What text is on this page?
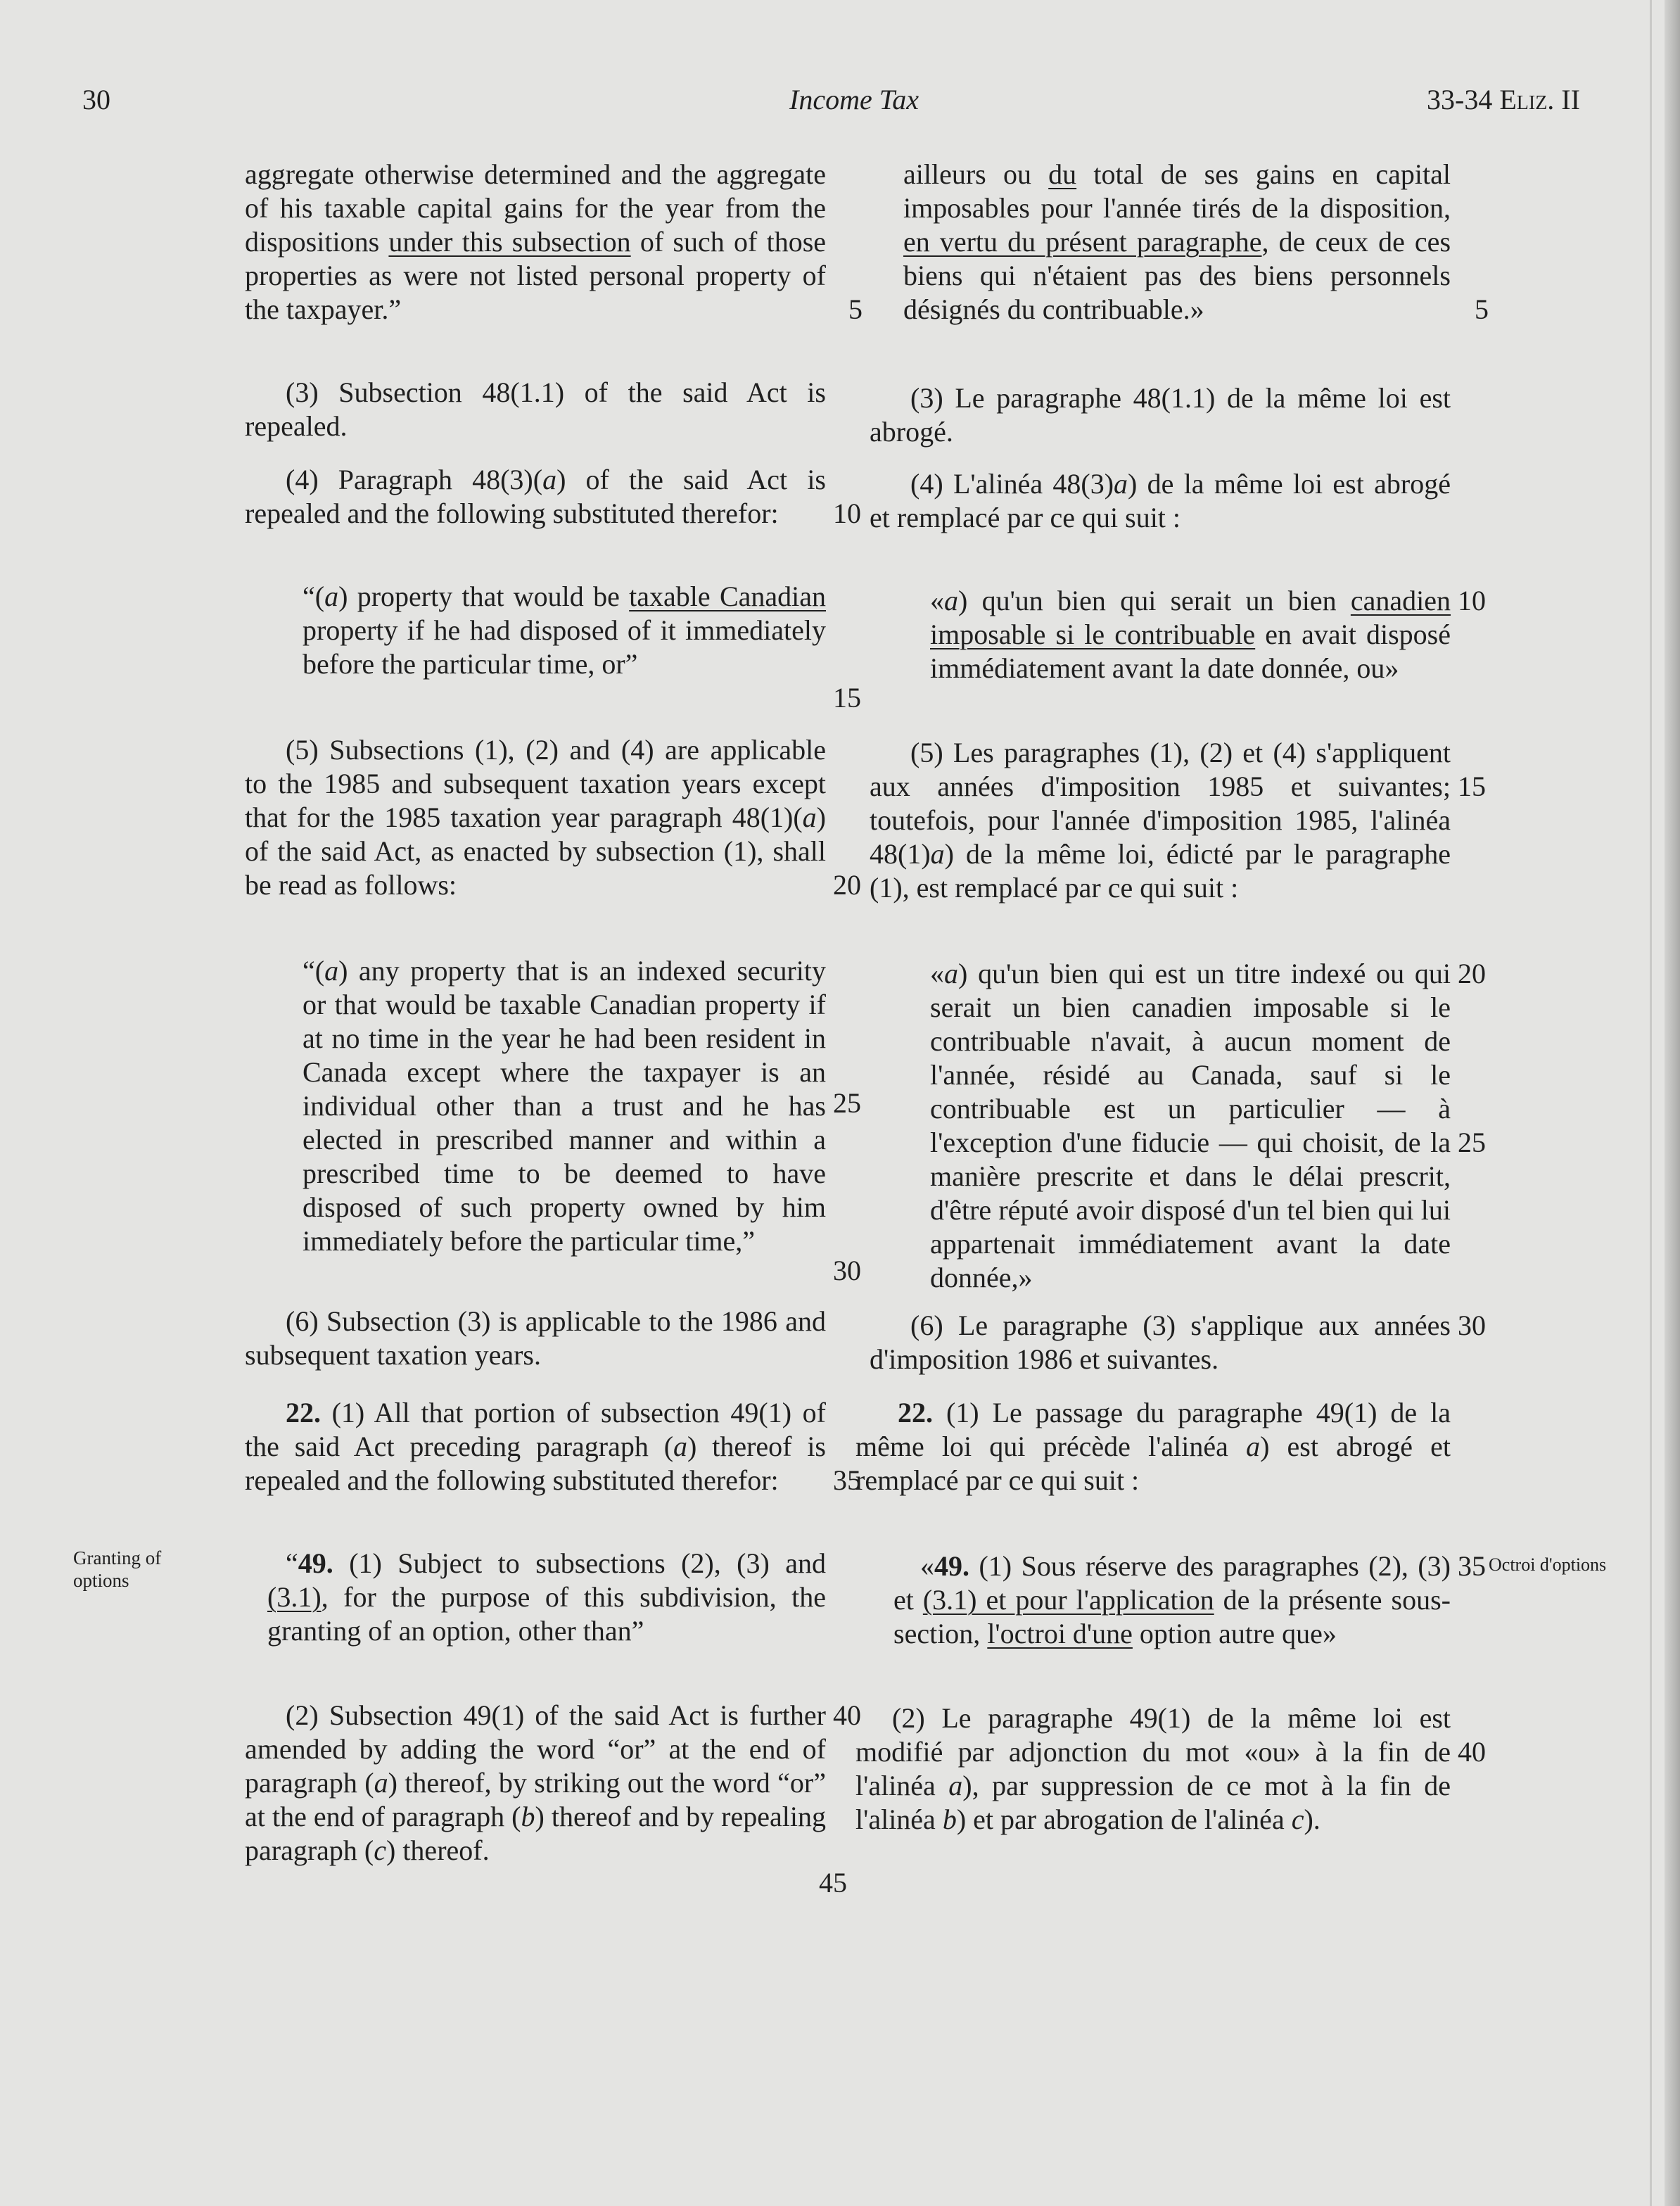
30	Income Tax	33-34 Eliz. II

aggregate otherwise determined and the aggregate of his taxable capital gains for the year from the dispositions under this subsection of such of those properties as were not listed personal property of the taxpayer.”

(3) Subsection 48(1.1) of the said Act is repealed.

(4) Paragraph 48(3)(a) of the said Act is repealed and the following substituted therefor:

“(a) property that would be taxable Canadian property if he had disposed of it immediately before the particular time, or”

(5) Subsections (1), (2) and (4) are applicable to the 1985 and subsequent taxation years except that for the 1985 taxation year paragraph 48(1)(a) of the said Act, as enacted by subsection (1), shall be read as follows:

“(a) any property that is an indexed security or that would be taxable Canadian property if at no time in the year he had been resident in Canada except where the taxpayer is an individual other than a trust and he has elected in prescribed manner and within a prescribed time to be deemed to have disposed of such property owned by him immediately before the particular time,”

(6) Subsection (3) is applicable to the 1986 and subsequent taxation years.

22. (1) All that portion of subsection 49(1) of the said Act preceding paragraph (a) thereof is repealed and the following substituted therefor:

“49. (1) Subject to subsections (2), (3) and (3.1), for the purpose of this subdivision, the granting of an option, other than”

(2) Subsection 49(1) of the said Act is further amended by adding the word “or” at the end of paragraph (a) thereof, by striking out the word “or” at the end of paragraph (b) thereof and by repealing paragraph (c) thereof.

Granting of options
5
10
15
20
25
30
35
40
45

ailleurs ou du total de ses gains en capital imposables pour l'année tirés de la disposition, en vertu du présent paragraphe, de ceux de ces biens qui n'étaient pas des biens personnels désignés du contribuable.»

(3) Le paragraphe 48(1.1) de la même loi est abrogé.

(4) L'alinéa 48(3)a) de la même loi est abrogé et remplacé par ce qui suit :

«a) qu'un bien qui serait un bien canadien imposable si le contribuable en avait disposé immédiatement avant la date donnée, ou»

(5) Les paragraphes (1), (2) et (4) s'appliquent aux années d'imposition 1985 et suivantes; toutefois, pour l'année d'imposition 1985, l'alinéa 48(1)a) de la même loi, édicté par le paragraphe (1), est remplacé par ce qui suit :

«a) qu'un bien qui est un titre indexé ou qui serait un bien canadien imposable si le contribuable n'avait, à aucun moment de l'année, résidé au Canada, sauf si le contribuable est un particulier — à l'exception d'une fiducie — qui choisit, de la manière prescrite et dans le délai prescrit, d'être réputé avoir disposé d'un tel bien qui lui appartenait immédiatement avant la date donnée,»

(6) Le paragraphe (3) s'applique aux années d'imposition 1986 et suivantes.

22. (1) Le passage du paragraphe 49(1) de la même loi qui précède l'alinéa a) est abrogé et remplacé par ce qui suit :

«49. (1) Sous réserve des paragraphes (2), (3) et (3.1) et pour l'application de la présente sous-section, l'octroi d'une option autre que»

(2) Le paragraphe 49(1) de la même loi est modifié par adjonction du mot «ou» à la fin de l'alinéa a), par suppression de ce mot à la fin de l'alinéa b) et par abrogation de l'alinéa c).

5
10
15
20
25
30
35
40
Octroi d'options
